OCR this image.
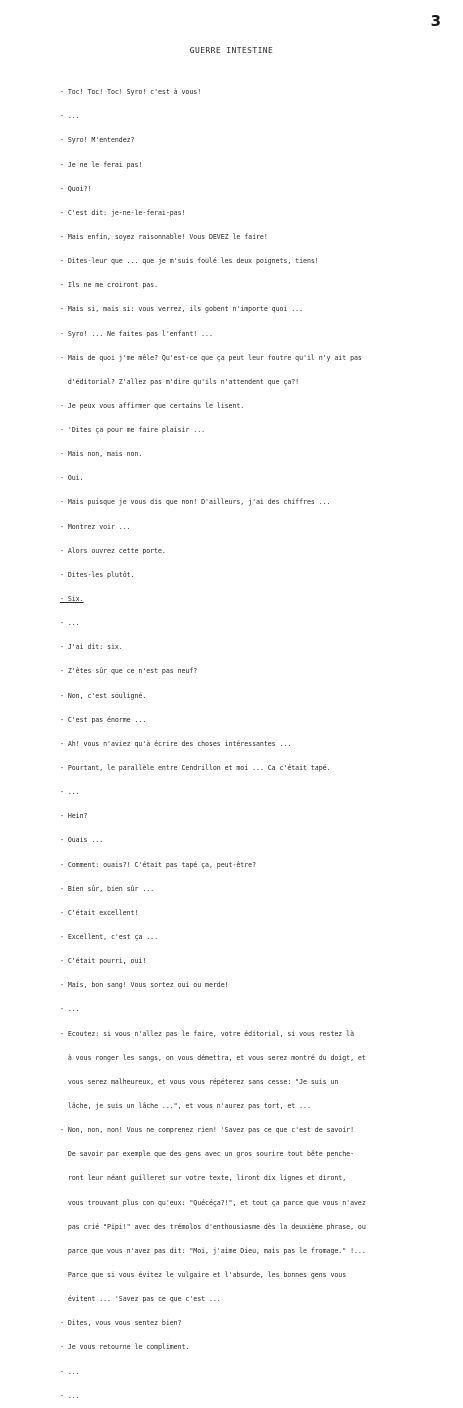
3
GUERRE INTESTINE

- Toc! Toc! Toc! Syro! c'est à vous!

- ...

- Syro! M'entendez?

- Je ne le ferai pas!

- Quoi?!

- C'est dit: je-ne-le-ferai-pas!

- Mais enfin, soyez raisonnable! Vous DEVEZ le faire!

- Dites-leur que ... que je m'suis foulé les deux poignets, tiens!

- Ils ne me croiront pas.

- Mais si, mais si: vous verrez, ils gobent n'importe quoi ...

- Syro! ... Ne faites pas l'enfant! ...

- Mais de quoi j'me mêle? Qu'est-ce que ça peut leur foutre qu'il n'y ait pas

d'éditorial? Z'allez pas m'dire qu'ils n'attendent que ça?!

- Je peux vous affirmer que certains le lisent.

- 'Dites ça pour me faire plaisir ...

- Mais non, mais non.

- Oui.

- Mais puisque je vous dis que non! D'ailleurs, j'ai des chiffres ...

- Montrez voir ...

- Alors ouvrez cette porte.

- Dites-les plutôt.

- Six.

- ...

- J'ai dit: six.

- Z'êtes sûr que ce n'est pas neuf?

- Non, c'est souligné.

- C'est pas énorme ...

- Ah! vous n'aviez qu'à écrire des choses intéressantes ...

- Pourtant, le parallèle entre Cendrillon et moi ... Ca c'était tapé.

- ...

- Hein?

- Ouais ...

- Comment: ouais?! C'était pas tapé ça, peut-être?

- Bien sûr, bien sûr ...

- C'était excellent!

- Excellent, c'est ça ...

- C'était pourri, oui!

- Mais, bon sang! Vous sortez oui ou merde!

- ...

- Ecoutez: si vous n'allez pas le faire, votre éditorial, si vous restez là

à vous ronger les sangs, on vous démettra, et vous serez montré du doigt, et

vous serez malheureux, et vous vous répéterez sans cesse: "Je suis un

lâche, je suis un lâche ...", et vous n'aurez pas tort, et ...

- Non, non, non! Vous ne comprenez rien! 'Savez pas ce que c'est de savoir!

De savoir par exemple que des gens avec un gros sourire tout bête penche-

ront leur néant guilleret sur votre texte, liront dix lignes et diront,

vous trouvant plus con qu'eux: "Quécéça?!", et tout ça parce que vous n'avez

pas crié "Pipi!" avec des trémolos d'enthousiasme dès la deuxième phrase, ou

parce que vous n'avez pas dit: "Moi, j'aime Dieu, mais pas le fromage." !...

Parce que si vous évitez le vulgaire et l'absurde, les bonnes gens vous

évitent ... 'Savez pas ce que c'est ...

- Dites, vous vous sentez bien?

- Je vous retourne le compliment.

- ...

- ...
